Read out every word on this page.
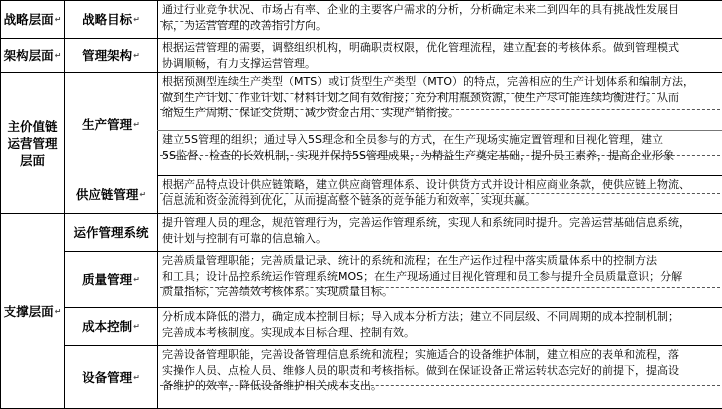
战略层面 ↵ 战略目标 ↵
通过行业竞争状况、市场占有率、企业的主要客户需求的分析，分析确定未来二到四年的具有挑战性发展目
标，为运营管理的改善指引方向。
架构层面 ↵ 管理架构 ↵
根据运营管理的需要，调整组织机构，明确职责权限，优化管理流程，建立配套的考核体系。做到管理模式
协调顺畅，有力支撑运营管理。
主价值链运营管理层面
生产管理 ↵
根据预测型连续生产类型（MTS）或订货型生产类型（MTO）的特点，完善相应的生产计划体系和编制方法，
做到生产计划、作业计划、材料计划之间有效衔接；充分利用瓶颈资源，使生产尽可能连续均衡进行。从而
缩短生产周期、保证交货期、减少资金占用、实现产销衔接。
建立5S管理的组织；通过导入5S理念和全员参与的方式，在生产现场实施定置管理和目视化管理，建立
5S监督、检查的长效机制，实现并保持5S管理成果，为精益生产奠定基础，提升员工素养，提高企业形象
供应链管理 ↵
根据产品特点设计供应链策略，建立供应商管理体系、设计供货方式并设计相应商业条款，使供应链上物流、
信息流和资金流得到优化，从而提高整个链条的竞争能力和效率，实现共赢。
支撑层面 ↵
运作管理系统
提升管理人员的理念，规范管理行为，完善运作管理系统，实现人和系统同时提升。完善运营基础信息系统，
使计划与控制有可靠的信息输入。
质量管理 ↵
完善质量管理职能；完善质量记录、统计的系统和流程；在生产运作过程中落实质量体系中的控制方法
和工具；设计品控系统运作管理系统MOS；在生产现场通过目视化管理和员工参与提升全员质量意识；分解
质量指标，完善绩效考核体系。实现质量目标。
成本控制 ↵
分析成本降低的潜力，确定成本控制目标；导入成本分析方法；建立不同层级、不同周期的成本控制机制；
完善成本考核制度。实现成本目标合理、控制有效。
设备管理 ↵
完善设备管理职能，完善设备管理信息系统和流程；实施适合的设备维护体制，建立相应的表单和流程，落
实操作人员、点检人员、维修人员的职责和考核指标。做到在保证设备正常运转状态完好的前提下，提高设
备维护的效率，降低设备维护相关成本支出。
